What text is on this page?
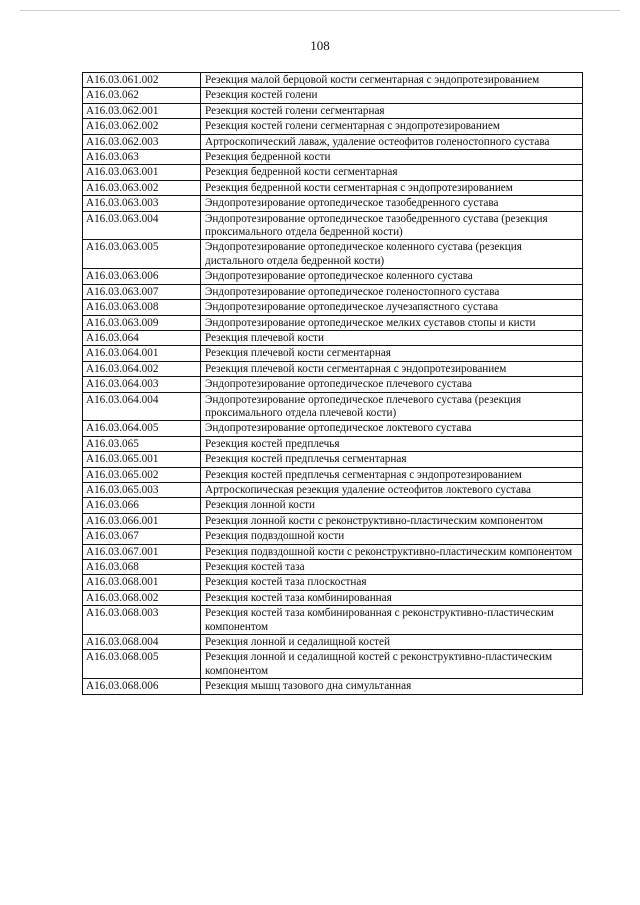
108
A16.03.061.002	Резекция малой берцовой кости сегментарная с эндопротезированием
A16.03.062	Резекция костей голени
A16.03.062.001	Резекция костей голени сегментарная
A16.03.062.002	Резекция костей голени сегментарная с эндопротезированием
A16.03.062.003	Артроскопический лаваж, удаление остеофитов голеностопного сустава
A16.03.063	Резекция бедренной кости
A16.03.063.001	Резекция бедренной кости сегментарная
A16.03.063.002	Резекция бедренной кости сегментарная с эндопротезированием
A16.03.063.003	Эндопротезирование ортопедическое тазобедренного сустава
A16.03.063.004	Эндопротезирование ортопедическое тазобедренного сустава (резекция проксимального отдела бедренной кости)
A16.03.063.005	Эндопротезирование ортопедическое коленного сустава (резекция дистального отдела бедренной кости)
A16.03.063.006	Эндопротезирование ортопедическое коленного сустава
A16.03.063.007	Эндопротезирование ортопедическое голеностопного сустава
A16.03.063.008	Эндопротезирование ортопедическое лучезапястного сустава
A16.03.063.009	Эндопротезирование ортопедическое мелких суставов стопы и кисти
A16.03.064	Резекция плечевой кости
A16.03.064.001	Резекция плечевой кости сегментарная
A16.03.064.002	Резекция плечевой кости сегментарная с эндопротезированием
A16.03.064.003	Эндопротезирование ортопедическое плечевого сустава
A16.03.064.004	Эндопротезирование ортопедическое плечевого сустава (резекция проксимального отдела плечевой кости)
A16.03.064.005	Эндопротезирование ортопедическое локтевого сустава
A16.03.065	Резекция костей предплечья
A16.03.065.001	Резекция костей предплечья сегментарная
A16.03.065.002	Резекция костей предплечья сегментарная с эндопротезированием
A16.03.065.003	Артроскопическая резекция удаление остеофитов локтевого сустава
A16.03.066	Резекция лонной кости
A16.03.066.001	Резекция лонной кости с реконструктивно-пластическим компонентом
A16.03.067	Резекция подвздошной кости
A16.03.067.001	Резекция подвздошной кости с реконструктивно-пластическим компонентом
A16.03.068	Резекция костей таза
A16.03.068.001	Резекция костей таза плоскостная
A16.03.068.002	Резекция костей таза комбинированная
A16.03.068.003	Резекция костей таза комбинированная с реконструктивно-пластическим компонентом
A16.03.068.004	Резекция лонной и седалищной костей
A16.03.068.005	Резекция лонной и седалищной костей с реконструктивно-пластическим компонентом
A16.03.068.006	Резекция мышц тазового дна симультанная
